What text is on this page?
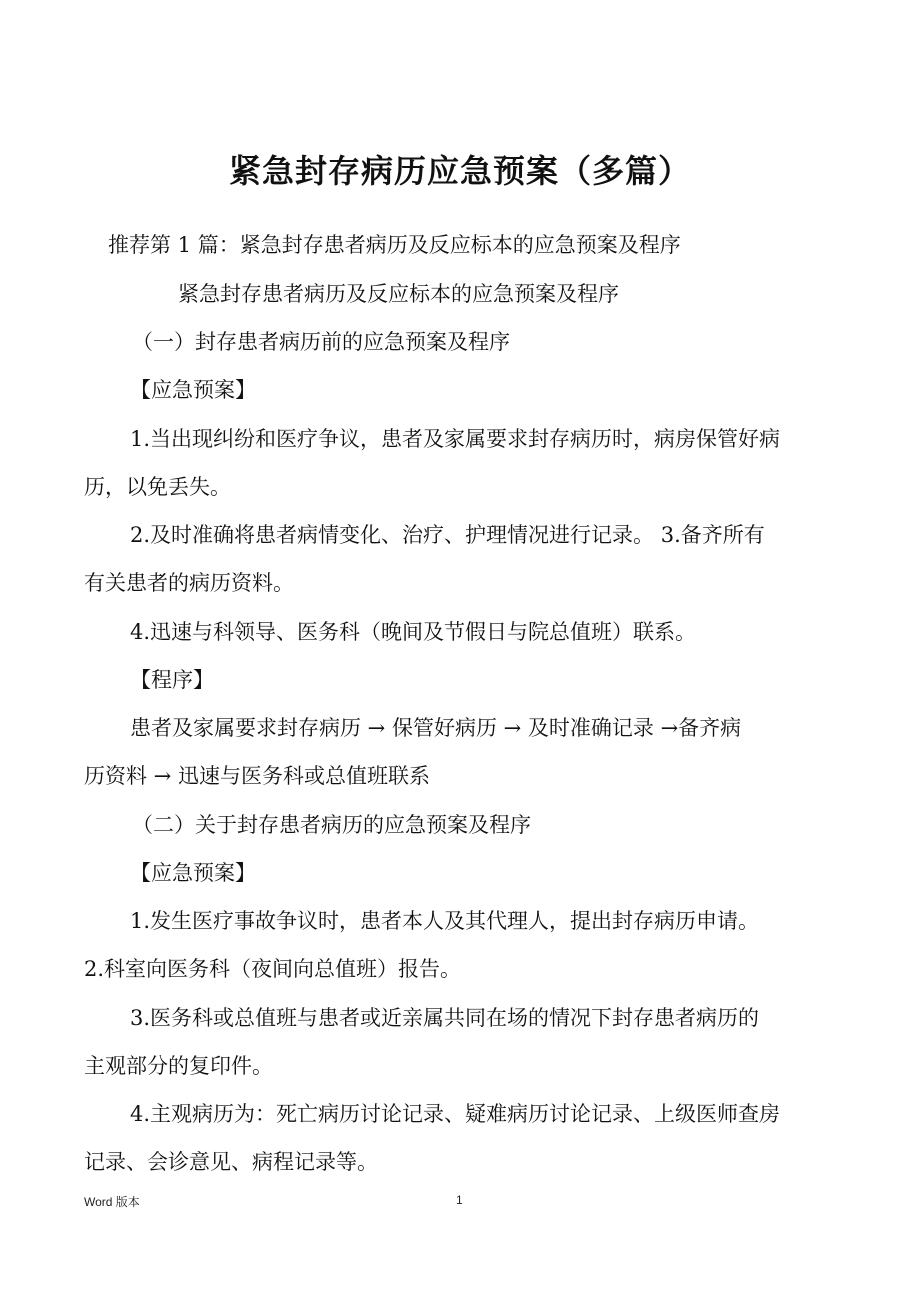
紧急封存病历应急预案（多篇）
推荐第 1 篇：紧急封存患者病历及反应标本的应急预案及程序
紧急封存患者病历及反应标本的应急预案及程序
（一）封存患者病历前的应急预案及程序
【应急预案】
1.当出现纠纷和医疗争议，患者及家属要求封存病历时，病房保管好病
历，以免丢失。
2.及时准确将患者病情变化、治疗、护理情况进行记录。 3.备齐所有
有关患者的病历资料。
4.迅速与科领导、医务科（晚间及节假日与院总值班）联系。
【程序】
患者及家属要求封存病历 → 保管好病历 → 及时准确记录 →备齐病
历资料 → 迅速与医务科或总值班联系
（二）关于封存患者病历的应急预案及程序
【应急预案】
1.发生医疗事故争议时，患者本人及其代理人，提出封存病历申请。
2.科室向医务科（夜间向总值班）报告。
3.医务科或总值班与患者或近亲属共同在场的情况下封存患者病历的
主观部分的复印件。
4.主观病历为：死亡病历讨论记录、疑难病历讨论记录、上级医师查房
记录、会诊意见、病程记录等。
Word 版本	1
